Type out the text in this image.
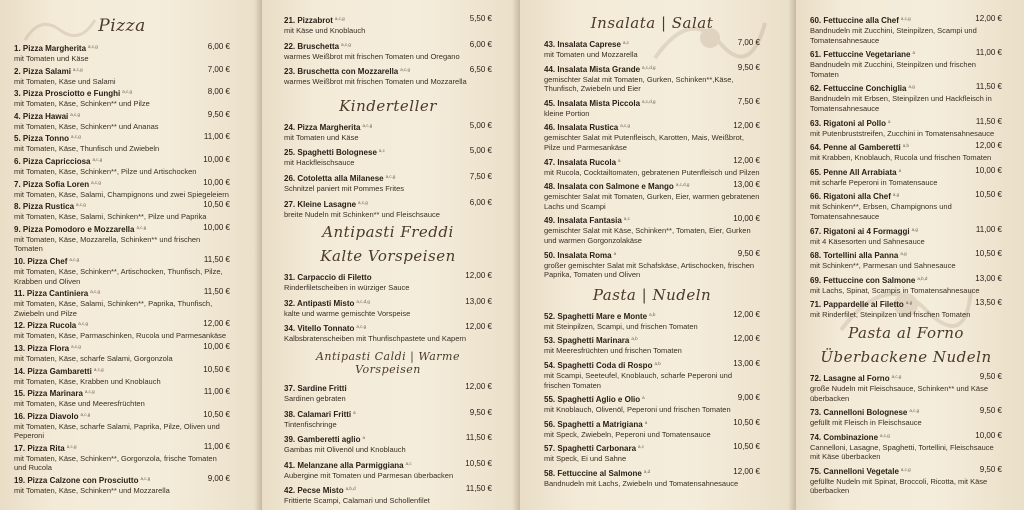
Pizza
1. Pizza Margherita $^{a,c,g}$	6,00 €
mit Tomaten und Käse
2. Pizza Salami $^{a,c,g}$	7,00 €
mit Tomaten, Käse und Salami
3. Pizza Prosciotto e Funghi $^{a,c,g}$	8,00 €
mit Tomaten, Käse, Schinken** und Pilze
4. Pizza Hawai $^{a,c,g}$	9,50 €
mit Tomaten, Käse, Schinken** und Ananas
5. Pizza Tonno $^{a,c,g}$	11,00 €
mit Tomaten, Käse, Thunfisch und Zwiebeln
6. Pizza Capricciosa $^{a,c,g}$	10,00 €
mit Tomaten, Käse, Schinken**, Pilze und Artischocken
7. Pizza Sofia Loren $^{a,c,g}$	10,00 €
mit Tomaten, Käse, Salami, Champignons und zwei Spiegeleiern
8. Pizza Rustica $^{a,c,g}$	10,50 €
mit Tomaten, Käse, Salami, Schinken**, Pilze und Paprika
9. Pizza Pomodoro e Mozzarella $^{a,c,g}$	10,00 €
mit Tomaten, Käse, Mozzarella, Schinken** und frischen Tomaten
10. Pizza Chef $^{a,c,g}$	11,50 €
mit Tomaten, Käse, Schinken**, Artischocken, Thunfisch, Pilze, Krabben und Oliven
11. Pizza Cantiniera $^{a,c,g}$	11,50 €
mit Tomaten, Käse, Salami, Schinken**, Paprika, Thunfisch, Zwiebeln und Pilze
12. Pizza Rucola $^{a,c,g}$	12,00 €
mit Tomaten, Käse, Parmaschinken, Rucola und Parmesankäse
13. Pizza Flora $^{a,c,g}$	10,00 €
mit Tomaten, Käse, scharfe Salami, Gorgonzola
14. Pizza Gambaretti $^{a,c,g}$	10,50 €
mit Tomaten, Käse, Krabben und Knoblauch
15. Pizza Marinara $^{a,c,g}$	11,00 €
mit Tomaten, Käse und Meeresfrüchten
16. Pizza Diavolo $^{a,c,g}$	10,50 €
mit Tomaten, Käse, scharfe Salami, Paprika, Pilze, Oliven und Peperoni
17. Pizza Rita $^{a,c,g}$	11,00 €
mit Tomaten, Käse, Schinken**, Gorgonzola, frische Tomaten und Rucola
19. Pizza Calzone con Prosciutto $^{a,c,g}$	9,00 €
mit Tomaten, Käse, Schinken** und Mozzarella
21. Pizzabrot $^{a,c,g}$	5,50 €
mit Käse und Knoblauch
22. Bruschetta $^{a,c,g}$	6,00 €
warmes Weißbrot mit frischen Tomaten und Oregano
23. Bruschetta con Mozzarella $^{a,c,g}$	6,50 €
warmes Weißbrot mit frischen Tomaten und Mozzarella
Kinderteller
24. Pizza Margherita $^{a,c,g}$	5,00 €
mit Tomaten und Käse
25. Spaghetti Bolognese $^{a,c}$	5,00 €
mit Hackfleischsauce
26. Cotoletta alla Milanese $^{a,c,g}$	7,50 €
Schnitzel paniert mit Pommes Frites
27. Kleine Lasagne $^{a,c,g}$	6,00 €
breite Nudeln mit Schinken** und Fleischsauce
Antipasti Freddi
Kalte Vorspeisen
31. Carpaccio di Filetto	12,00 €
Rinderfiletscheiben in würziger Sauce
32. Antipasti Misto $^{a,c,d,g}$	13,00 €
kalte und warme gemischte Vorspeise
34. Vitello Tonnato $^{a,c,g}$	12,00 €
Kalbsbratenscheiben mit Thunfischpastete und Kapern
Antipasti Caldi | Warme Vorspeisen
37. Sardine Fritti	12,00 €
Sardinen gebraten
38. Calamari Fritti $^a$	9,50 €
Tintenfischringe
39. Gamberetti aglio $^a$	11,50 €
Gambas mit Olivenöl und Knoblauch
41. Melanzane alla Parmiggiana $^{a,c}$	10,50 €
Aubergine mit Tomaten und Parmesan überbacken
42. Pecse Misto $^{a,b,d}$	11,50 €
Frittierte Scampi, Calamari und Schollenfilet
Insalata | Salat
43. Insalata Caprese $^{a,c}$	7,00 €
mit Tomaten und Mozzarella
44. Insalata Mista Grande $^{a,c,d,g}$	9,50 €
gemischter Salat mit Tomaten, Gurken, Schinken**,Käse, Thunfisch, Zwiebeln und Eier
45. Insalata Mista Piccola $^{a,c,d,g}$	7,50 €
kleine Portion
46. Insalata Rustica $^{a,c,g}$	12,00 €
gemischter Salat mit Putenfleisch, Karotten, Mais, Weißbrot, Pilze und Parmesankäse
47. Insalata Rucola $^a$	12,00 €
mit Rucola, Cocktailtomaten, gebratenen Putenfleisch und Pilzen
48. Insalata con Salmone e Mango $^{a,c,d,g}$	13,00 €
gemischter Salat mit Tomaten, Gurken, Eier, warmen gebratenen Lachs und Scampi
49. Insalata Fantasia $^{a,c}$	10,00 €
gemischter Salat mit Käse, Schinken**, Tomaten, Eier, Gurken und warmen Gorgonzolakäse
50. Insalata Roma $^a$	9,50 €
großer gemischter Salat mit Schafskäse, Artischocken, frischen Paprika, Tomaten und Oliven
Pasta | Nudeln
52. Spaghetti Mare e Monte $^{a,b}$	12,00 €
mit Steinpilzen, Scampi, und frischen Tomaten
53. Spaghetti Marinara $^{a,b}$	12,00 €
mit Meeresfrüchten und frischen Tomaten
54. Spaghetti Coda di Rospo $^{a,b}$	13,00 €
mit Scampi, Seeteufel, Knoblauch, scharfe Peperoni und frischen Tomaten
55. Spaghetti Aglio e Olio $^a$	9,00 €
mit Knoblauch, Olivenöl, Peperoni und frischen Tomaten
56. Spaghetti a Matrigiana $^a$	10,50 €
mit Speck, Zwiebeln, Peperoni und Tomatensauce
57. Spaghetti Carbonara $^{a,c}$	10,50 €
mit Speck, Ei und Sahne
58. Fettuccine al Salmone $^{a,d}$	12,00 €
Bandnudeln mit Lachs, Zwiebeln und Tomatensahnesauce
60. Fettuccine alla Chef $^{a,c,g}$	12,00 €
Bandnudeln mit Zucchini, Steinpilzen, Scampi und Tomatensahnesauce
61. Fettuccine Vegetariane $^a$	11,00 €
Bandnudeln mit Zucchini, Steinpilzen und frischen Tomaten
62. Fettuccine Conchiglia $^{a,g}$	11,50 €
Bandnudeln mit Erbsen, Steinpilzen und Hackfleisch in Tomatensahnesauce
63. Rigatoni al Pollo $^a$	11,50 €
mit Putenbruststreifen, Zucchini in Tomatensahnesauce
64. Penne al Gamberetti $^{a,b}$	12,00 €
mit Krabben, Knoblauch, Rucola und frischen Tomaten
65. Penne All Arrabiata $^a$	10,00 €
mit scharfe Peperoni in Tomatensauce
66. Rigatoni alla Chef $^{a,g}$	10,50 €
mit Schinken**, Erbsen, Champignons und Tomatensahnesauce
67. Rigatoni ai 4 Formaggi $^{a,g}$	11,00 €
mit 4 Käsesorten und Sahnesauce
68. Tortellini alla Panna $^{a,g}$	10,50 €
mit Schinken**, Parmesan und Sahnesauce
69. Fettuccine con Salmone $^{a,b,d}$	13,00 €
mit Lachs, Spinat, Scampis in Tomatensahnesauce
71. Pappardelle al Filetto $^{a,g}$	13,50 €
mit Rinderfilet, Steinpilzen und frischen Tomaten
Pasta al Forno
Überbackene Nudeln
72. Lasagne al Forno $^{a,c,g}$	9,50 €
große Nudeln mit Fleischsauce, Schinken** und Käse überbacken
73. Cannelloni Bolognese $^{a,c,g}$	9,50 €
gefüllt mit Fleisch in Fleischsauce
74. Combinazione $^{a,c,g}$	10,00 €
Cannelloni, Lasagne, Spaghetti, Tortellini, Fleischsauce mit Käse überbacken
75. Cannelloni Vegetale $^{a,c,g}$	9,50 €
gefüllte Nudeln mit Spinat, Broccoli, Ricotta, mit Käse überbacken
